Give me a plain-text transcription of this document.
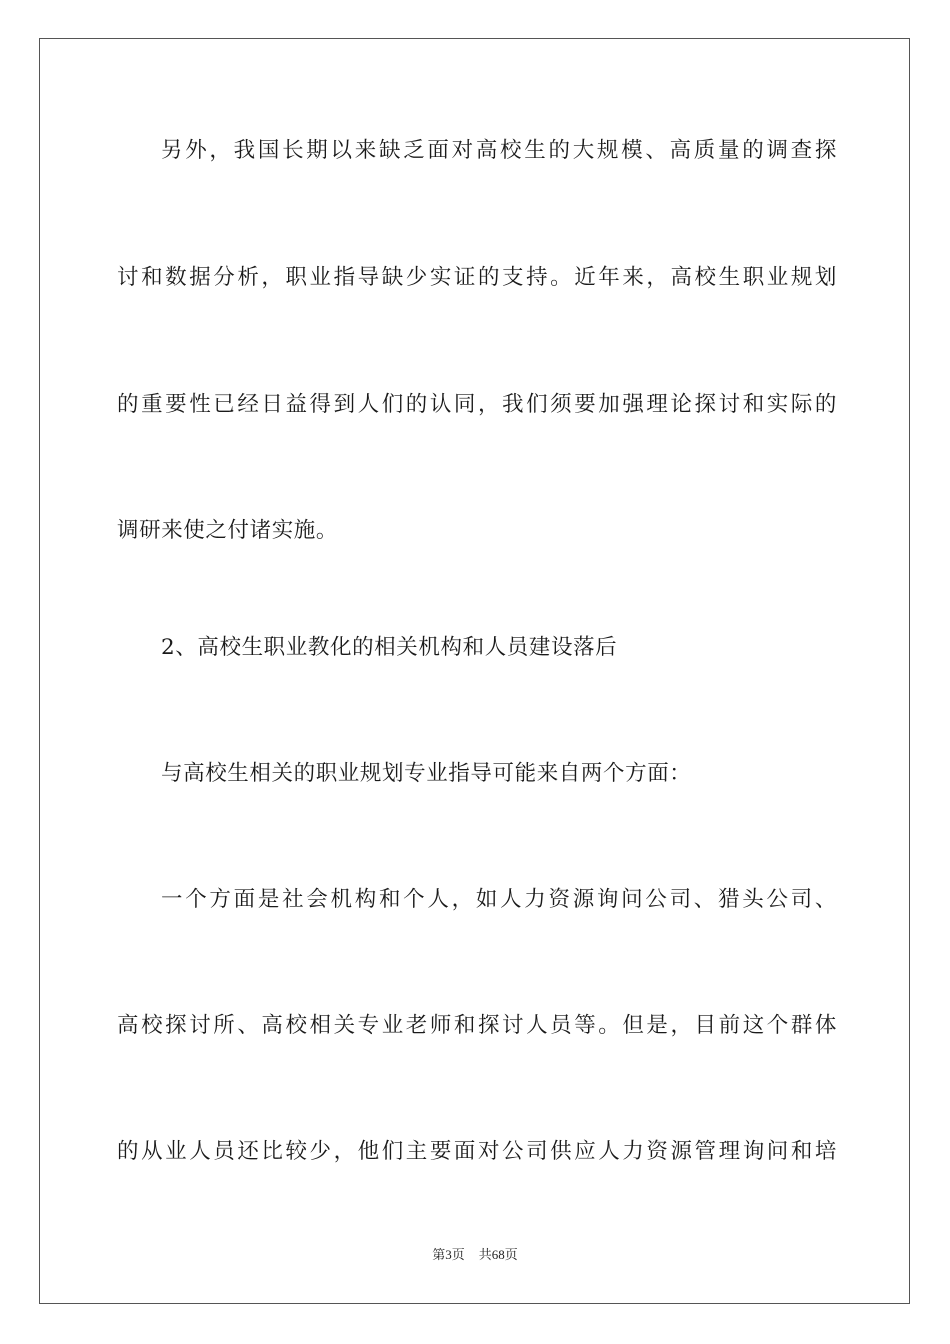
另外，我国长期以来缺乏面对高校生的大规模、高质量的调查探
讨和数据分析，职业指导缺少实证的支持。近年来，高校生职业规划
的重要性已经日益得到人们的认同，我们须要加强理论探讨和实际的
调研来使之付诸实施。
2、高校生职业教化的相关机构和人员建设落后
与高校生相关的职业规划专业指导可能来自两个方面：
一个方面是社会机构和个人，如人力资源询问公司、猎头公司、
高校探讨所、高校相关专业老师和探讨人员等。但是，目前这个群体
的从业人员还比较少，他们主要面对公司供应人力资源管理询问和培
第3页 共68页
